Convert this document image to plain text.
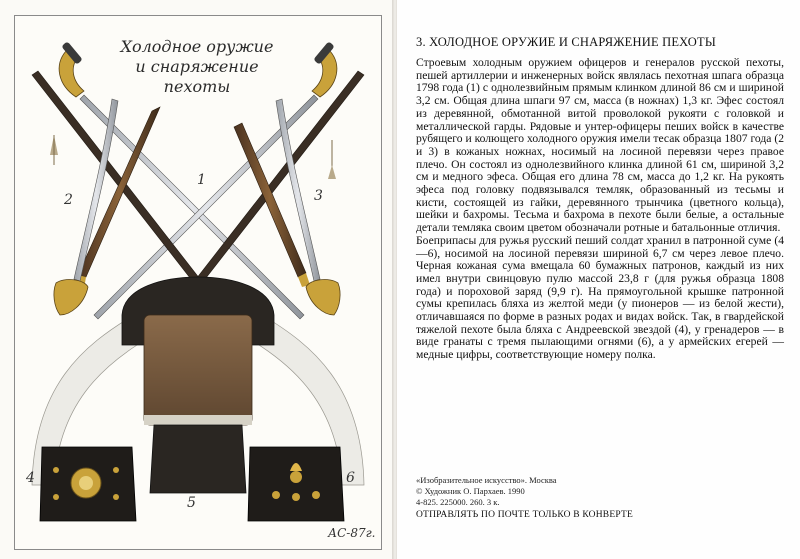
Холодное оружие
и снаряжение
пехоты
1
2	3
4
5
6
АС-87г.
3. ХОЛОДНОЕ ОРУЖИЕ И СНАРЯЖЕНИЕ ПЕХОТЫ

Строевым холодным оружием офицеров и генералов русской пехоты, пешей артиллерии и инженерных войск являлась пехотная шпага образца 1798 года (1) с однолезвийным прямым клинком длиной 86 см и шириной 3,2 см. Общая длина шпаги 97 см, масса (в ножнах) 1,3 кг. Эфес состоял из деревянной, обмотанной витой проволокой рукояти с головкой и металлической гарды. Рядовые и унтер-офицеры пеших войск в качестве рубящего и колющего холодного оружия имели тесак образца 1807 года (2 и 3) в кожаных ножнах, носимый на лосиной перевязи через правое плечо. Он состоял из однолезвийного клинка длиной 61 см, шириной 3,2 см и медного эфеса. Общая его длина 78 см, масса до 1,2 кг. На рукоять эфеса под головку подвязывался темляк, образованный из тесьмы и кисти, состоящей из гайки, деревянного трынчика (цветного кольца), шейки и бахромы. Тесьма и бахрома в пехоте были белые, а остальные детали темляка своим цветом обозначали ротные и батальонные отличия.

Боеприпасы для ружья русский пеший солдат хранил в патронной суме (4—6), носимой на лосиной перевязи шириной 6,7 см через левое плечо. Черная кожаная сума вмещала 60 бумажных патронов, каждый из них имел внутри свинцовую пулю массой 23,8 г (для ружья образца 1808 года) и пороховой заряд (9,9 г). На прямоугольной крышке патронной сумы крепилась бляха из желтой меди (у пионеров — из белой жести), отличавшаяся по форме в разных родах и видах войск. Так, в гвардейской тяжелой пехоте была бляха с Андреевской звездой (4), у гренадеров — в виде гранаты с тремя пылающими огнями (6), а у армейских егерей — медные цифры, соответствующие номеру полка.

«Изобразительное искусство». Москва
© Художник О. Пархаев. 1990
4-825. 225000. 260. 3 к.
ОТПРАВЛЯТЬ ПО ПОЧТЕ ТОЛЬКО В КОНВЕРТЕ
